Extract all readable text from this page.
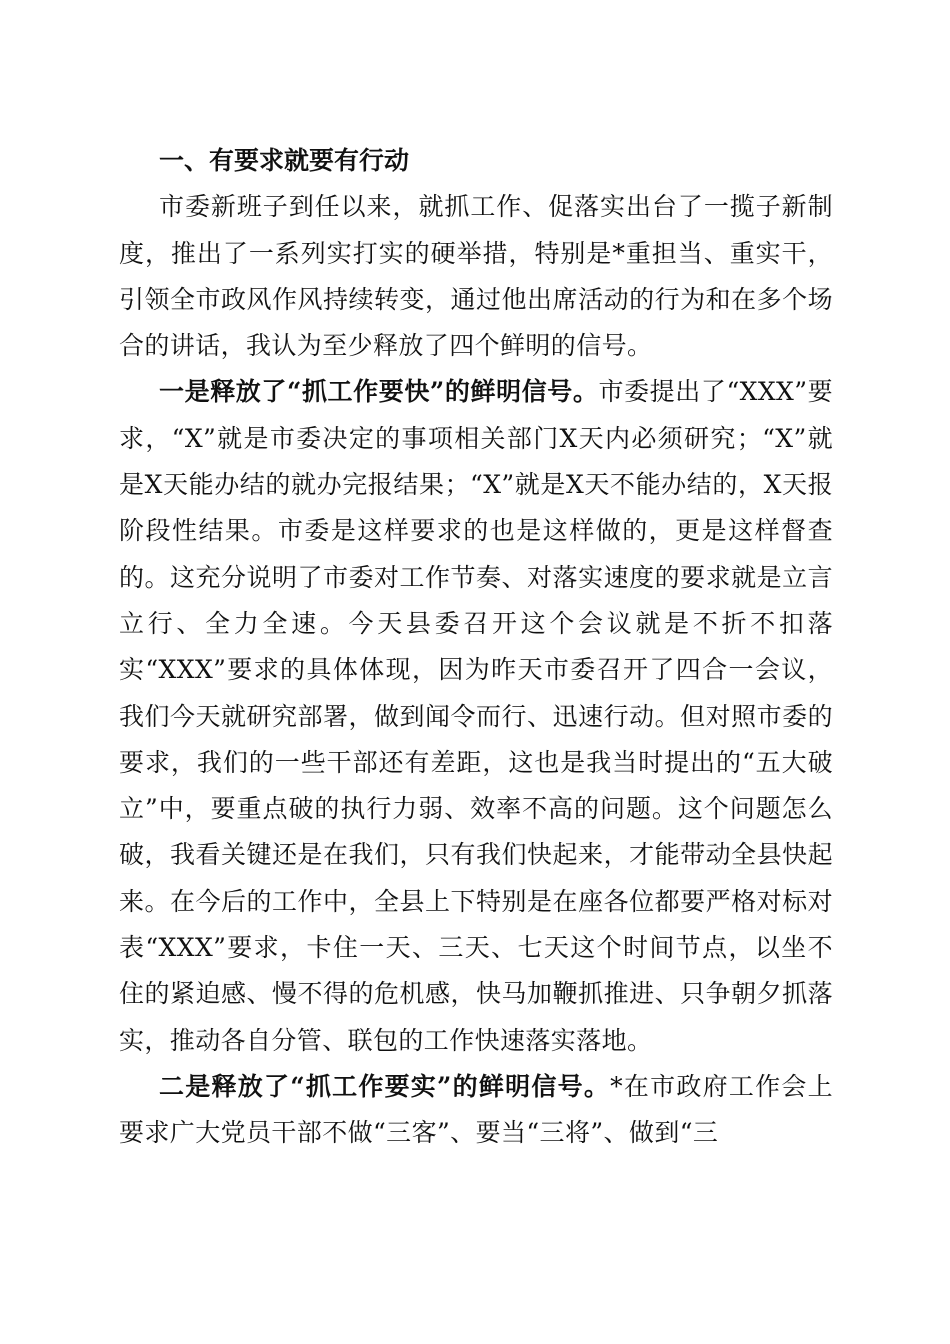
一、有要求就要有行动

市委新班子到任以来，就抓工作、促落实出台了一揽子新制度，推出了一系列实打实的硬举措，特别是*重担当、重实干，引领全市政风作风持续转变，通过他出席活动的行为和在多个场合的讲话，我认为至少释放了四个鲜明的信号。

一是释放了“抓工作要快”的鲜明信号。市委提出了“XXX”要求，“X”就是市委决定的事项相关部门X天内必须研究；“X”就是X天能办结的就办完报结果；“X”就是X天不能办结的，X天报阶段性结果。市委是这样要求的也是这样做的，更是这样督查的。这充分说明了市委对工作节奏、对落实速度的要求就是立言立行、全力全速。今天县委召开这个会议就是不折不扣落实“XXX”要求的具体体现，因为昨天市委召开了四合一会议，我们今天就研究部署，做到闻令而行、迅速行动。但对照市委的要求，我们的一些干部还有差距，这也是我当时提出的“五大破立”中，要重点破的执行力弱、效率不高的问题。这个问题怎么破，我看关键还是在我们，只有我们快起来，才能带动全县快起来。在今后的工作中，全县上下特别是在座各位都要严格对标对表“XXX”要求，卡住一天、三天、七天这个时间节点，以坐不住的紧迫感、慢不得的危机感，快马加鞭抓推进、只争朝夕抓落实，推动各自分管、联包的工作快速落实落地。

二是释放了“抓工作要实”的鲜明信号。*在市政府工作会上要求广大党员干部不做“三客”、要当“三将”、做到“三
